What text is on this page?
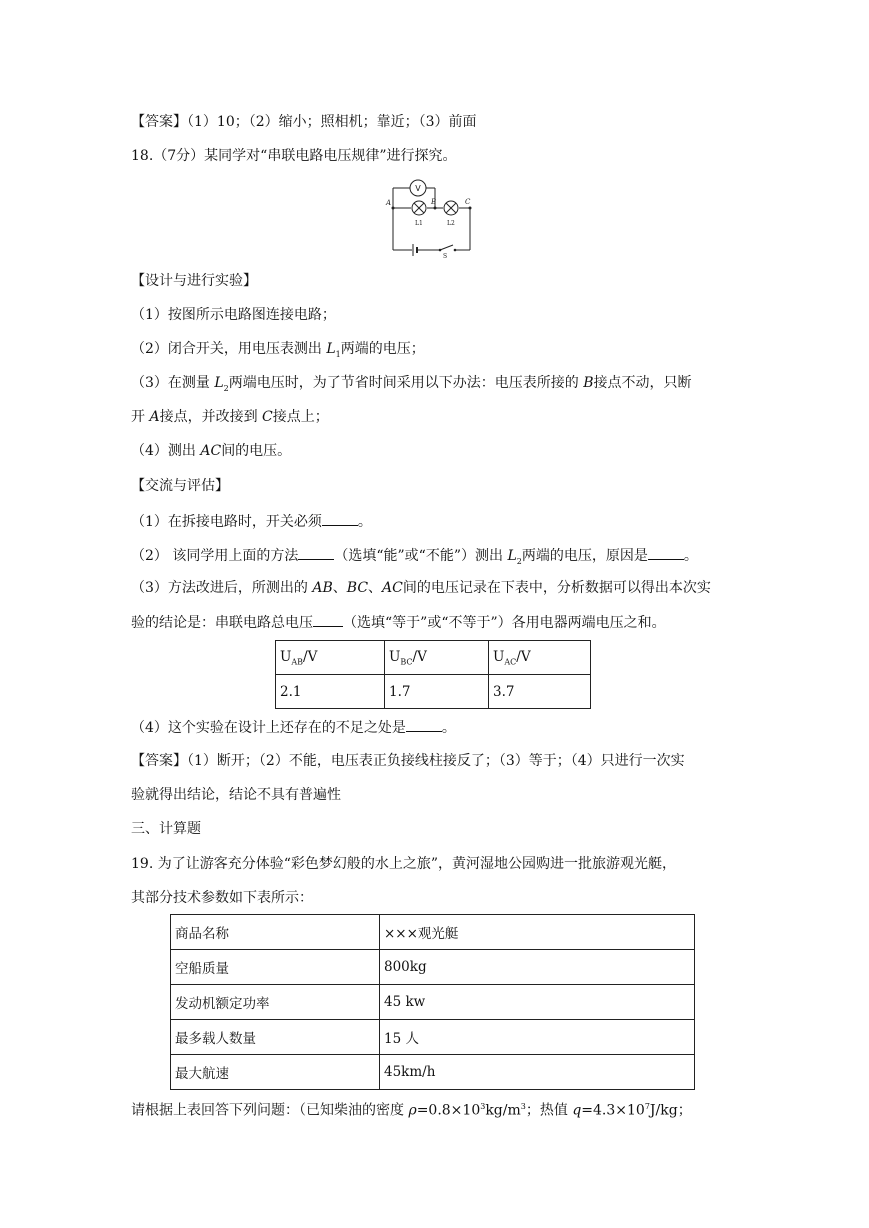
【答案】（1）10；（2）缩小；照相机；靠近；（3）前面
18.（7分）某同学对“串联电路电压规律”进行探究。
V
A	B	C
L1	L2
S
【设计与进行实验】
（1）按图所示电路图连接电路；
（2）闭合开关，用电压表测出 $L_1$两端的电压；
（3）在测量 $L_2$两端电压时，为了节省时间采用以下办法：电压表所接的 B接点不动，只断
开 A接点，并改接到 C接点上；
（4）测出 AC间的电压。
【交流与评估】
（1）在拆接电路时，开关必须	。
（2） 该同学用上面的方法	（选填“能”或“不能”）测出 $L_2$两端的电压，原因是	。
（3）方法改进后，所测出的 AB、BC、AC间的电压记录在下表中，分析数据可以得出本次实
验的结论是：串联电路总电压 （选填“等于”或“不等于”）各用电器两端电压之和。
$U_{AB}/V$	$U_{BC}/V$	$U_{AC}/V$
2.1	1.7	3.7
（4）这个实验在设计上还存在的不足之处是	。
【答案】（1）断开；（2）不能，电压表正负接线柱接反了；（3）等于；（4）只进行一次实
验就得出结论，结论不具有普遍性
三、计算题
19. 为了让游客充分体验“彩色梦幻般的水上之旅”，黄河湿地公园购进一批旅游观光艇，
其部分技术参数如下表所示：
商品名称	×××观光艇
空船质量	800kg
发动机额定功率	45 kw
最多载人数量	15 人
最大航速	45km/h
请根据上表回答下列问题：（已知柴油的密度 $\rho=0.8\times 10^3kg/m^3$；热值 $q=4.3\times 10^7J/kg$；
